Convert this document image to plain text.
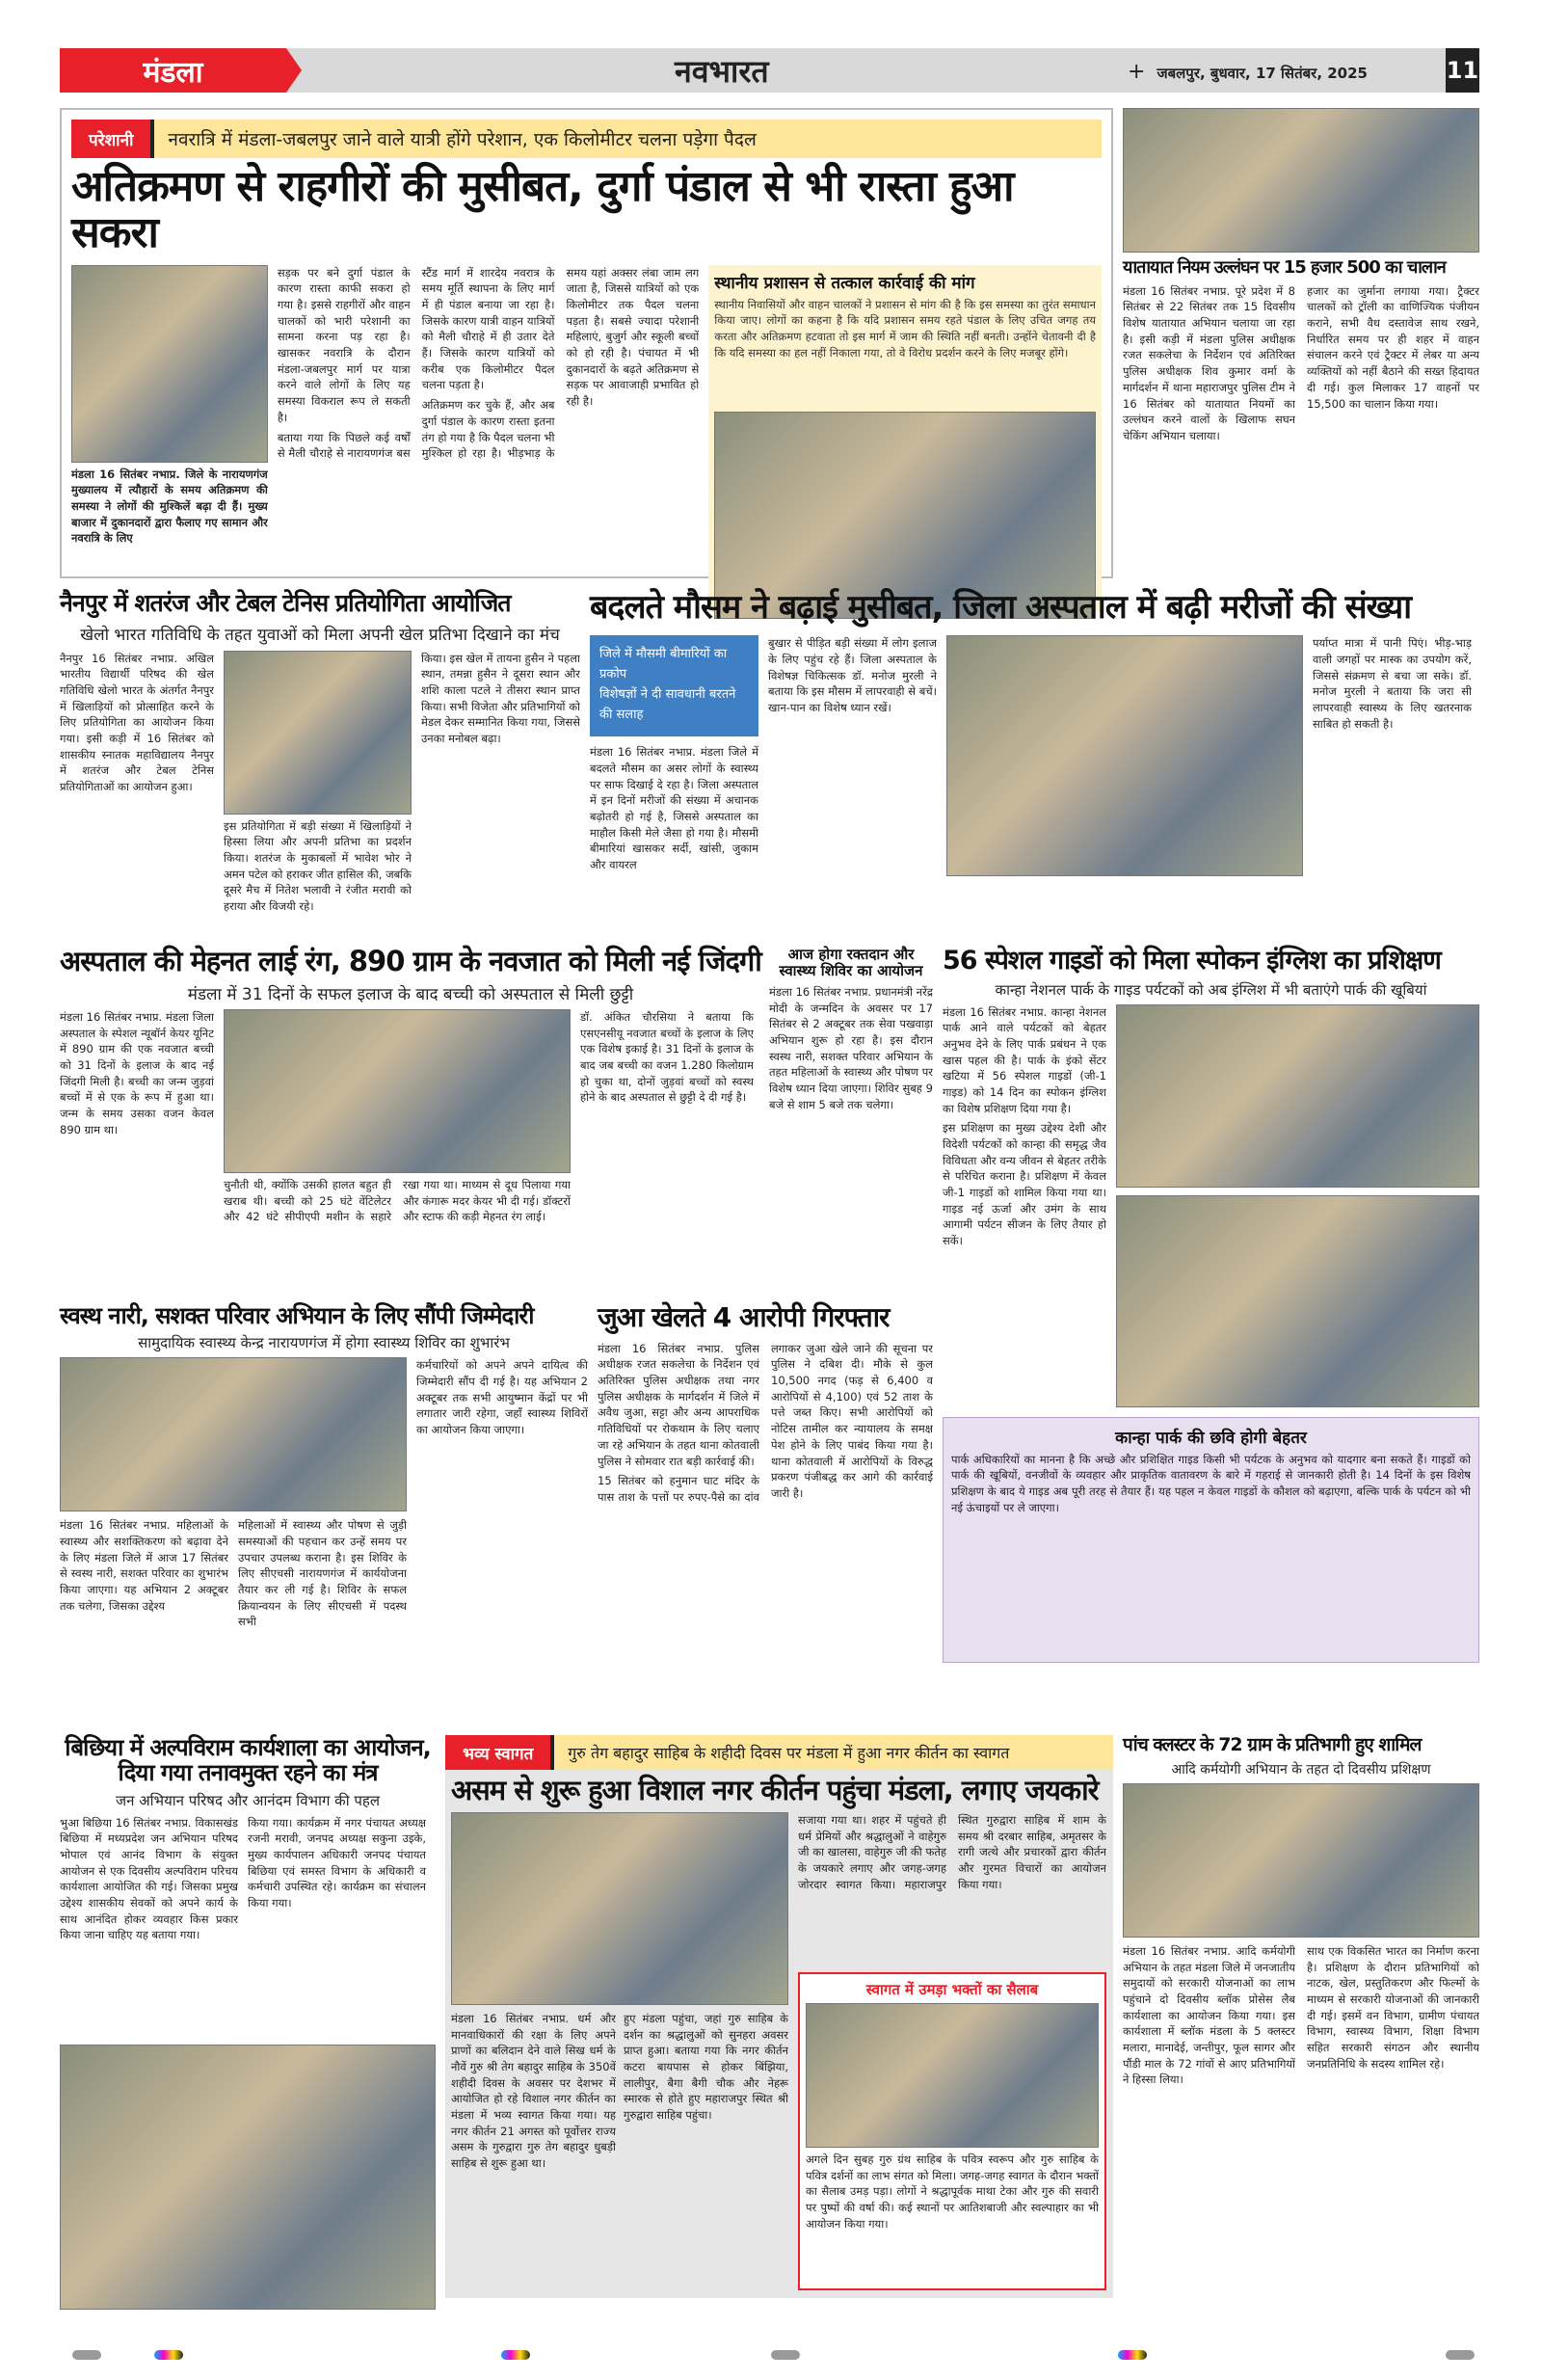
मंडला	नवभारत	+ जबलपुर, बुधवार, 17 सितंबर, 2025	11
परेशानी	नवरात्रि में मंडला-जबलपुर जाने वाले यात्री होंगे परेशान, एक किलोमीटर चलना पड़ेगा पैदल
अतिक्रमण से राहगीरों की मुसीबत, दुर्गा पंडाल से भी रास्ता हुआ सकरा
मंडला 16 सितंबर नभाप्र. जिले के नारायणगंज मुख्यालय में त्यौहारों के समय अतिक्रमण की समस्या ने लोगों की मुश्किलें बढ़ा दी हैं। मुख्य बाजार में दुकानदारों द्वारा फैलाए गए सामान और नवरात्रि के लिए

सड़क पर बने दुर्गा पंडाल के कारण रास्ता काफी सकरा हो गया है। इससे राहगीरों और वाहन चालकों को भारी परेशानी का सामना करना पड़ रहा है। खासकर नवरात्रि के दौरान मंडला-जबलपुर मार्ग पर यात्रा करने वाले लोगों के लिए यह समस्या विकराल रूप ले सकती है।

बताया गया कि पिछले कई वर्षों से मैली चौराहे से नारायणगंज बस स्टैंड मार्ग में शारदेय नवरात्र के समय मूर्ति स्थापना के लिए मार्ग में ही पंडाल बनाया जा रहा है। जिसके कारण यात्री वाहन यात्रियों को मैली चौराहे में ही उतार देते हैं। जिसके कारण यात्रियों को करीब एक किलोमीटर पैदल चलना पड़ता है।

अतिक्रमण कर चुके हैं, और अब दुर्गा पंडाल के कारण रास्ता इतना तंग हो गया है कि पैदल चलना भी मुश्किल हो रहा है। भीड़भाड़ के समय यहां अक्सर लंबा जाम लग जाता है, जिससे यात्रियों को एक किलोमीटर तक पैदल चलना पड़ता है। सबसे ज्यादा परेशानी महिलाएं, बुजुर्ग और स्कूली बच्चों को हो रही है। पंचायत में भी दुकानदारों के बढ़ते अतिक्रमण से सड़क पर आवाजाही प्रभावित हो रही है।

स्थानीय प्रशासन से तत्काल कार्रवाई की मांग
स्थानीय निवासियों और वाहन चालकों ने प्रशासन से मांग की है कि इस समस्या का तुरंत समाधान किया जाए। लोगों का कहना है कि यदि प्रशासन समय रहते पंडाल के लिए उचित जगह तय करता और अतिक्रमण हटवाता तो इस मार्ग में जाम की स्थिति नहीं बनती। उन्होंने चेतावनी दी है कि यदि समस्या का हल नहीं निकाला गया, तो वे विरोध प्रदर्शन करने के लिए मजबूर होंगे।
यातायात नियम उल्लंघन पर 15 हजार 500 का चालान

मंडला 16 सितंबर नभाप्र. पूरे प्रदेश में 8 सितंबर से 22 सितंबर तक 15 दिवसीय विशेष यातायात अभियान चलाया जा रहा है। इसी कड़ी में मंडला पुलिस अधीक्षक रजत सकलेचा के निर्देशन एवं अतिरिक्त पुलिस अधीक्षक शिव कुमार वर्मा के मार्गदर्शन में थाना महाराजपुर पुलिस टीम ने 16 सितंबर को यातायात नियमों का उल्लंघन करने वालों के खिलाफ सघन चेकिंग अभियान चलाया।

हजार का जुर्माना लगाया गया। ट्रैक्टर चालकों को ट्रॉली का वाणिज्यिक पंजीयन कराने, सभी वैध दस्तावेज साथ रखने, निर्धारित समय पर ही शहर में वाहन संचालन करने एवं ट्रैक्टर में लेबर या अन्य व्यक्तियों को नहीं बैठाने की सख्त हिदायत दी गई। कुल मिलाकर 17 वाहनों पर 15,500 का चालान किया गया।

नैनपुर में शतरंज और टेबल टेनिस प्रतियोगिता आयोजित
खेलो भारत गतिविधि के तहत युवाओं को मिला अपनी खेल प्रतिभा दिखाने का मंच
नैनपुर 16 सितंबर नभाप्र. अखिल भारतीय विद्यार्थी परिषद की खेल गतिविधि खेलो भारत के अंतर्गत नैनपुर में खिलाड़ियों को प्रोत्साहित करने के लिए प्रतियोगिता का आयोजन किया गया। इसी कड़ी में 16 सितंबर को शासकीय स्नातक महाविद्यालय नैनपुर में शतरंज और टेबल टेनिस प्रतियोगिताओं का आयोजन हुआ।
इस प्रतियोगिता में बड़ी संख्या में खिलाड़ियों ने हिस्सा लिया और अपनी प्रतिभा का प्रदर्शन किया। शतरंज के मुकाबलों में भावेश भोर ने अमन पटेल को हराकर जीत हासिल की, जबकि दूसरे मैच में नितेश भलावी ने रंजीत मरावी को हराया और विजयी रहे।
किया। इस खेल में तायना हुसैन ने पहला स्थान, तमन्ना हुसैन ने दूसरा स्थान और शशि काला पटले ने तीसरा स्थान प्राप्त किया। सभी विजेता और प्रतिभागियों को मेडल देकर सम्मानित किया गया, जिससे उनका मनोबल बढ़ा।
बदलते मौसम ने बढ़ाई मुसीबत, जिला अस्पताल में बढ़ी मरीजों की संख्या
जिले में मौसमी बीमारियों का प्रकोप
विशेषज्ञों ने दी सावधानी बरतने की सलाह
मंडला 16 सितंबर नभाप्र. मंडला जिले में बदलते मौसम का असर लोगों के स्वास्थ्य पर साफ दिखाई दे रहा है। जिला अस्पताल में इन दिनों मरीजों की संख्या में अचानक बढ़ोतरी हो गई है, जिससे अस्पताल का माहौल किसी मेले जैसा हो गया है। मौसमी बीमारियां खासकर सर्दी, खांसी, जुकाम और वायरल
बुखार से पीड़ित बड़ी संख्या में लोग इलाज के लिए पहुंच रहे हैं। जिला अस्पताल के विशेषज्ञ चिकित्सक डॉ. मनोज मुरली ने बताया कि इस मौसम में लापरवाही से बचें। खान-पान का विशेष ध्यान रखें।
पर्याप्त मात्रा में पानी पिएं। भीड़-भाड़ वाली जगहों पर मास्क का उपयोग करें, जिससे संक्रमण से बचा जा सके। डॉ. मनोज मुरली ने बताया कि जरा सी लापरवाही स्वास्थ्य के लिए खतरनाक साबित हो सकती है।
अस्पताल की मेहनत लाई रंग, 890 ग्राम के नवजात को मिली नई जिंदगी
मंडला में 31 दिनों के सफल इलाज के बाद बच्ची को अस्पताल से मिली छुट्टी
मंडला 16 सितंबर नभाप्र. मंडला जिला अस्पताल के स्पेशल न्यूबॉर्न केयर यूनिट में 890 ग्राम की एक नवजात बच्ची को 31 दिनों के इलाज के बाद नई जिंदगी मिली है। बच्ची का जन्म जुड़वां बच्चों में से एक के रूप में हुआ था। जन्म के समय उसका वजन केवल 890 ग्राम था।
चुनौती थी, क्योंकि उसकी हालत बहुत ही खराब थी। बच्ची को 25 घंटे वेंटिलेटर और 42 घंटे सीपीएपी मशीन के सहारे रखा गया था। माध्यम से दूध पिलाया गया और कंगारू मदर केयर भी दी गई। डॉक्टरों और स्टाफ की कड़ी मेहनत रंग लाई।
डॉ. अंकित चौरसिया ने बताया कि एसएनसीयू नवजात बच्चों के इलाज के लिए एक विशेष इकाई है। 31 दिनों के इलाज के बाद जब बच्ची का वजन 1.280 किलोग्राम हो चुका था, दोनों जुड़वां बच्चों को स्वस्थ होने के बाद अस्पताल से छुट्टी दे दी गई है।
आज होगा रक्तदान और स्वास्थ्य शिविर का आयोजन
मंडला 16 सितंबर नभाप्र. प्रधानमंत्री नरेंद्र मोदी के जन्मदिन के अवसर पर 17 सितंबर से 2 अक्टूबर तक सेवा पखवाड़ा अभियान शुरू हो रहा है। इस दौरान स्वस्थ नारी, सशक्त परिवार अभियान के तहत महिलाओं के स्वास्थ्य और पोषण पर विशेष ध्यान दिया जाएगा। शिविर सुबह 9 बजे से शाम 5 बजे तक चलेगा।
56 स्पेशल गाइडों को मिला स्पोकन इंग्लिश का प्रशिक्षण
कान्हा नेशनल पार्क के गाइड पर्यटकों को अब इंग्लिश में भी बताएंगे पार्क की खूबियां

मंडला 16 सितंबर नभाप्र. कान्हा नेशनल पार्क आने वाले पर्यटकों को बेहतर अनुभव देने के लिए पार्क प्रबंधन ने एक खास पहल की है। पार्क के इंको सेंटर खटिया में 56 स्पेशल गाइडों (जी-1 गाइड) को 14 दिन का स्पोकन इंग्लिश का विशेष प्रशिक्षण दिया गया है।

इस प्रशिक्षण का मुख्य उद्देश्य देशी और विदेशी पर्यटकों को कान्हा की समृद्ध जैव विविधता और वन्य जीवन से बेहतर तरीके से परिचित कराना है। प्रशिक्षण में केवल जी-1 गाइडों को शामिल किया गया था। गाइड नई ऊर्जा और उमंग के साथ आगामी पर्यटन सीजन के लिए तैयार हो सकें।

कान्हा पार्क की छवि होगी बेहतर
पार्क अधिकारियों का मानना है कि अच्छे और प्रशिक्षित गाइड किसी भी पर्यटक के अनुभव को यादगार बना सकते हैं। गाइडों को पार्क की खूबियों, वनजीवों के व्यवहार और प्राकृतिक वातावरण के बारे में गहराई से जानकारी होती है। 14 दिनों के इस विशेष प्रशिक्षण के बाद ये गाइड अब पूरी तरह से तैयार हैं। यह पहल न केवल गाइडों के कौशल को बढ़ाएगा, बल्कि पार्क के पर्यटन को भी नई ऊंचाइयों पर ले जाएगा।
स्वस्थ नारी, सशक्त परिवार अभियान के लिए सौंपी जिम्मेदारी
सामुदायिक स्वास्थ्य केन्द्र नारायणगंज में होगा स्वास्थ्य शिविर का शुभारंभ
मंडला 16 सितंबर नभाप्र. महिलाओं के स्वास्थ्य और सशक्तिकरण को बढ़ावा देने के लिए मंडला जिले में आज 17 सितंबर से स्वस्थ नारी, सशक्त परिवार का शुभारंभ किया जाएगा। यह अभियान 2 अक्टूबर तक चलेगा, जिसका उद्देश्य
महिलाओं में स्वास्थ्य और पोषण से जुड़ी समस्याओं की पहचान कर उन्हें समय पर उपचार उपलब्ध कराना है। इस शिविर के लिए सीएचसी नारायणगंज में कार्ययोजना तैयार कर ली गई है। शिविर के सफल क्रियान्वयन के लिए सीएचसी में पदस्थ सभी
कर्मचारियों को अपने अपने दायित्व की जिम्मेदारी सौंप दी गई है। यह अभियान 2 अक्टूबर तक सभी आयुष्मान केंद्रों पर भी लगातार जारी रहेगा, जहाँ स्वास्थ्य शिविरों का आयोजन किया जाएगा।
जुआ खेलते 4 आरोपी गिरफ्तार

मंडला 16 सितंबर नभाप्र. पुलिस अधीक्षक रजत सकलेचा के निर्देशन एवं अतिरिक्त पुलिस अधीक्षक तथा नगर पुलिस अधीक्षक के मार्गदर्शन में जिले में अवैध जुआ, सट्टा और अन्य आपराधिक गतिविधियों पर रोकथाम के लिए चलाए जा रहे अभियान के तहत थाना कोतवाली पुलिस ने सोमवार रात बड़ी कार्रवाई की।

15 सितंबर को हनुमान घाट मंदिर के पास ताश के पत्तों पर रुपए-पैसे का दांव लगाकर जुआ खेले जाने की सूचना पर पुलिस ने दबिश दी। मौके से कुल 10,500 नगद (फड़ से 6,400 व आरोपियों से 4,100) एवं 52 ताश के पत्ते जब्त किए। सभी आरोपियों को नोटिस तामील कर न्यायालय के समक्ष पेश होने के लिए पाबंद किया गया है। थाना कोतवाली में आरोपियों के विरुद्ध प्रकरण पंजीबद्ध कर आगे की कार्रवाई जारी है।

बिछिया में अल्पविराम कार्यशाला का आयोजन, दिया गया तनावमुक्त रहने का मंत्र
जन अभियान परिषद और आनंदम विभाग की पहल
भुआ बिछिया 16 सितंबर नभाप्र. विकासखंड बिछिया में मध्यप्रदेश जन अभियान परिषद भोपाल एवं आनंद विभाग के संयुक्त आयोजन से एक दिवसीय अल्पविराम परिचय कार्यशाला आयोजित की गई। जिसका प्रमुख उद्देश्य शासकीय सेवकों को अपने कार्य के साथ आनंदित होकर व्यवहार किस प्रकार किया जाना चाहिए यह बताया गया।
किया गया। कार्यक्रम में नगर पंचायत अध्यक्ष रजनी मरावी, जनपद अध्यक्ष सकुना उइके, मुख्य कार्यपालन अधिकारी जनपद पंचायत बिछिया एवं समस्त विभाग के अधिकारी व कर्मचारी उपस्थित रहे। कार्यक्रम का संचालन किया गया।
भव्य स्वागत	गुरु तेग बहादुर साहिब के शहीदी दिवस पर मंडला में हुआ नगर कीर्तन का स्वागत
असम से शुरू हुआ विशाल नगर कीर्तन पहुंचा मंडला, लगाए जयकारे
मंडला 16 सितंबर नभाप्र. धर्म और मानवाधिकारों की रक्षा के लिए अपने प्राणों का बलिदान देने वाले सिख धर्म के नौवें गुरु श्री तेग बहादुर साहिब के 350वें शहीदी दिवस के अवसर पर देशभर में आयोजित हो रहे विशाल नगर कीर्तन का मंडला में भव्य स्वागत किया गया। यह नगर कीर्तन 21 अगस्त को पूर्वोत्तर राज्य असम के गुरुद्वारा गुरु तेग बहादुर धुबड़ी साहिब से शुरू हुआ था।
हुए मंडला पहुंचा, जहां गुरु साहिब के दर्शन का श्रद्धालुओं को सुनहरा अवसर प्राप्त हुआ। बताया गया कि नगर कीर्तन कटरा बायपास से होकर बिंझिया, लालीपुर, बैगा बैगी चौक और नेहरू स्मारक से होते हुए महाराजपुर स्थित श्री गुरुद्वारा साहिब पहुंचा।
सजाया गया था। शहर में पहुंचते ही धर्म प्रेमियों और श्रद्धालुओं ने वाहेगुरु जी का खालसा, वाहेगुरु जी की फतेह के जयकारे लगाए और जगह-जगह जोरदार स्वागत किया। महाराजपुर स्थित गुरुद्वारा साहिब में शाम के समय श्री दरबार साहिब, अमृतसर के रागी जत्थे और प्रचारकों द्वारा कीर्तन और गुरमत विचारों का आयोजन किया गया।
स्वागत में उमड़ा भक्तों का सैलाब
अगले दिन सुबह गुरु ग्रंथ साहिब के पवित्र स्वरूप और गुरु साहिब के पवित्र दर्शनों का लाभ संगत को मिला। जगह-जगह स्वागत के दौरान भक्तों का सैलाब उमड़ पड़ा। लोगों ने श्रद्धापूर्वक माथा टेका और गुरु की सवारी पर पुष्पों की वर्षा की। कई स्थानों पर आतिशबाजी और स्वल्पाहार का भी आयोजन किया गया।
पांच क्लस्टर के 72 ग्राम के प्रतिभागी हुए शामिल
आदि कर्मयोगी अभियान के तहत दो दिवसीय प्रशिक्षण

मंडला 16 सितंबर नभाप्र. आदि कर्मयोगी अभियान के तहत मंडला जिले में जनजातीय समुदायों को सरकारी योजनाओं का लाभ पहुंचाने दो दिवसीय ब्लॉक प्रोसेस लैब कार्यशाला का आयोजन किया गया। इस कार्यशाला में ब्लॉक मंडला के 5 क्लस्टर मलारा, मानादेई, जन्तीपुर, फूल सागर और पौंडी माल के 72 गांवों से आए प्रतिभागियों ने हिस्सा लिया।

साथ एक विकसित भारत का निर्माण करना है। प्रशिक्षण के दौरान प्रतिभागियों को नाटक, खेल, प्रस्तुतिकरण और फिल्मों के माध्यम से सरकारी योजनाओं की जानकारी दी गई। इसमें वन विभाग, ग्रामीण पंचायत विभाग, स्वास्थ्य विभाग, शिक्षा विभाग सहित सरकारी संगठन और स्थानीय जनप्रतिनिधि के सदस्य शामिल रहे।
